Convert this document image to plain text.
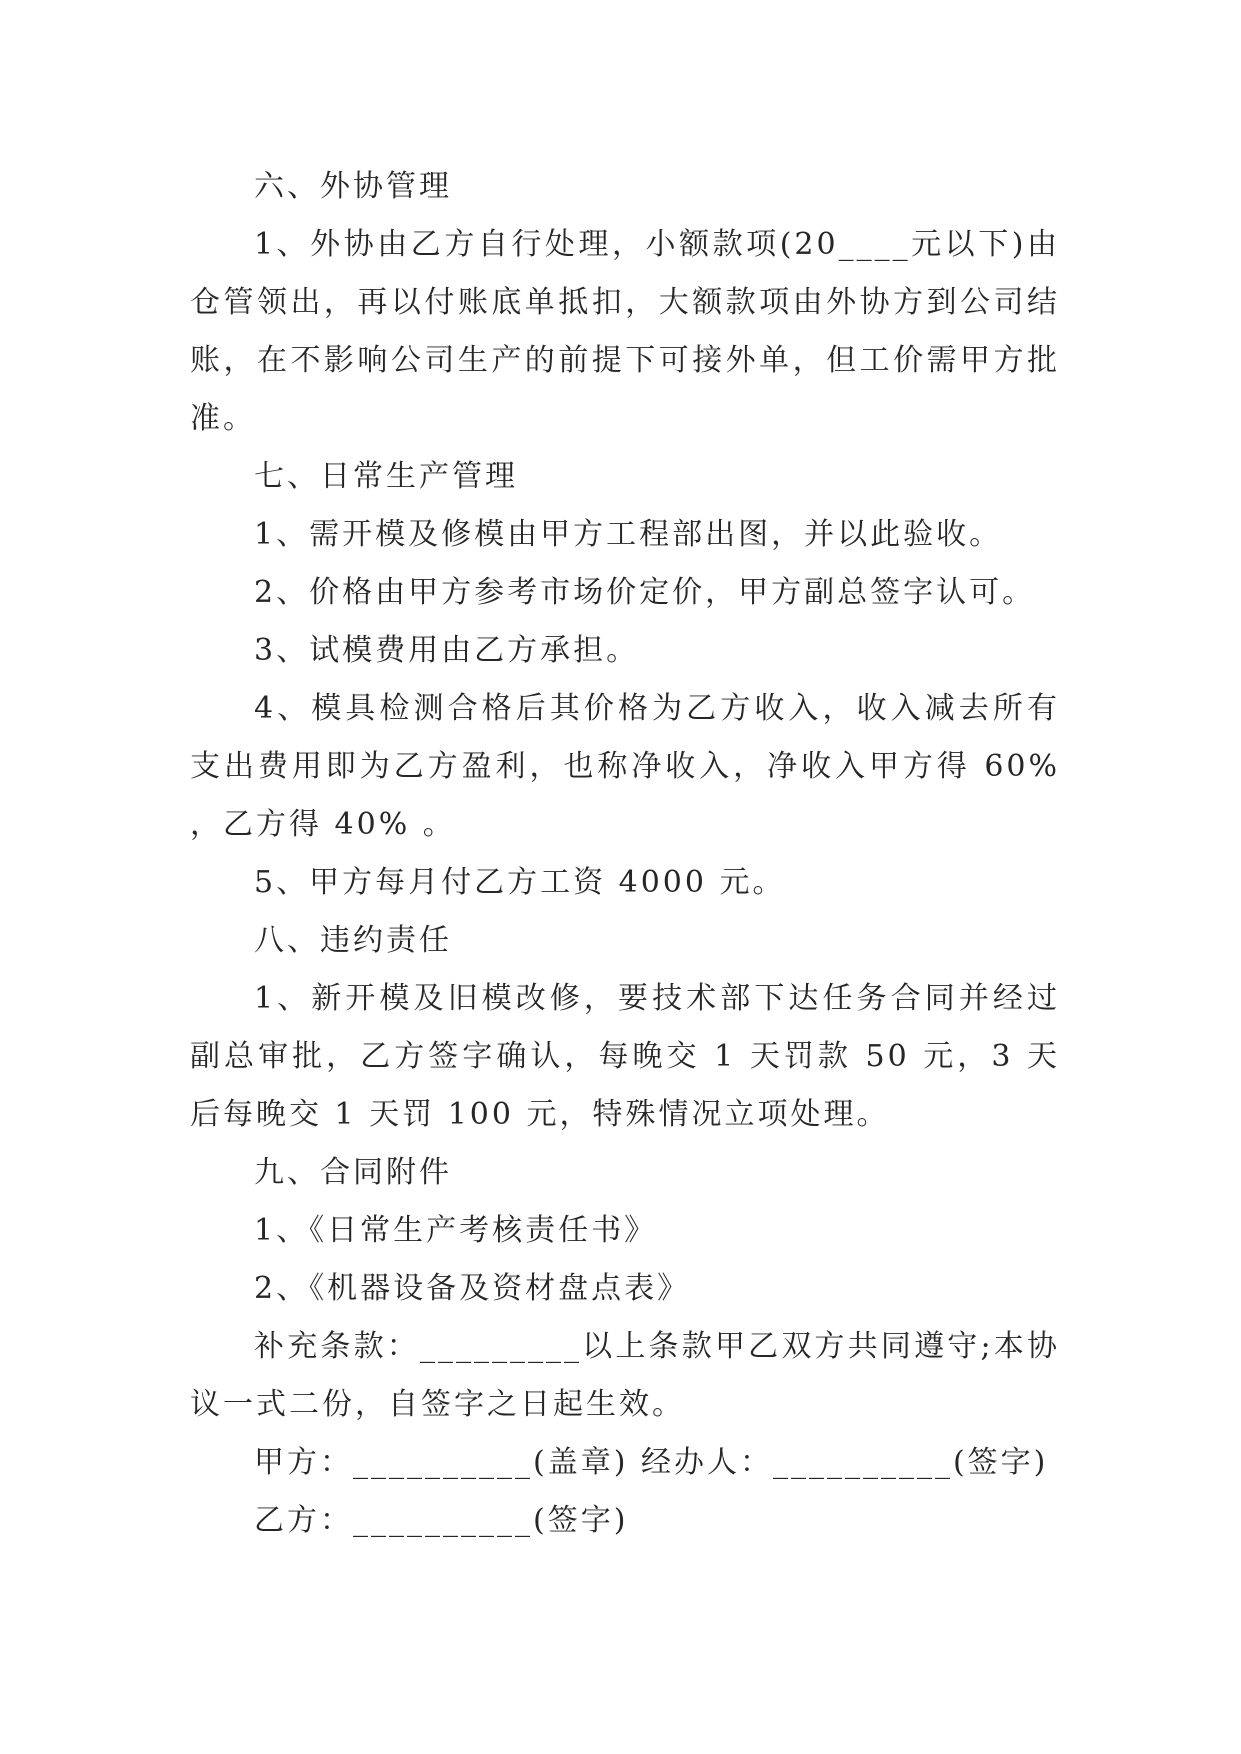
六、外协管理

1、外协由乙方自行处理，小额款项(20____元以下)由仓管领出，再以付账底单抵扣，大额款项由外协方到公司结账，在不影响公司生产的前提下可接外单，但工价需甲方批准。

七、日常生产管理

1、需开模及修模由甲方工程部出图，并以此验收。

2、价格由甲方参考市场价定价，甲方副总签字认可。

3、试模费用由乙方承担。

4、模具检测合格后其价格为乙方收入，收入减去所有支出费用即为乙方盈利，也称净收入，净收入甲方得 60% ，乙方得 40% 。

5、甲方每月付乙方工资 4000 元。

八、违约责任

1、新开模及旧模改修，要技术部下达任务合同并经过副总审批，乙方签字确认，每晚交 1 天罚款 50 元，3 天后每晚交 1 天罚 100 元，特殊情况立项处理。

九、合同附件

1、《日常生产考核责任书》

2、《机器设备及资材盘点表》

补充条款：_________以上条款甲乙双方共同遵守;本协议一式二份，自签字之日起生效。

甲方：__________(盖章) 经办人：__________(签字)

乙方：__________(签字)
